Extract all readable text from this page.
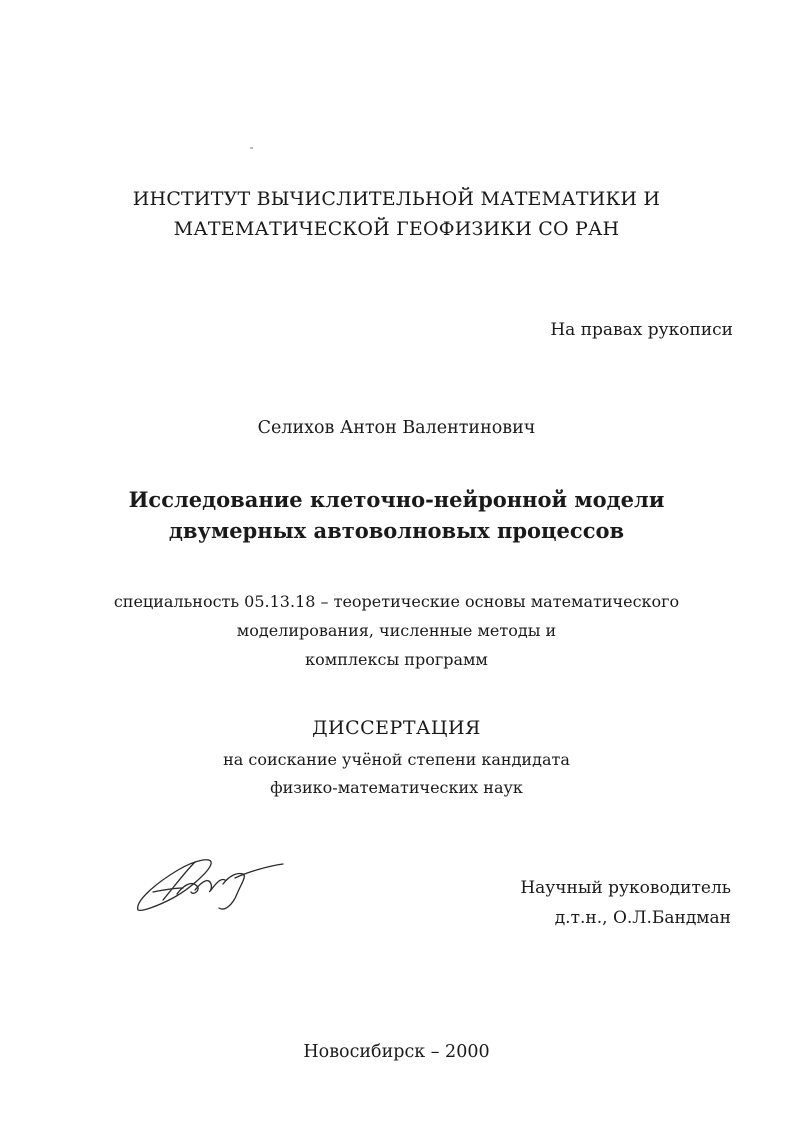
ИНСТИТУТ ВЫЧИСЛИТЕЛЬНОЙ МАТЕМАТИКИ И
МАТЕМАТИЧЕСКОЙ ГЕОФИЗИКИ СО РАН
На правах рукописи
Селихов Антон Валентинович
Исследование клеточно-нейронной модели
двумерных автоволновых процессов
специальность 05.13.18 – теоретические основы математического
моделирования, численные методы и
комплексы программ
ДИССЕРТАЦИЯ
на соискание учёной степени кандидата
физико-математических наук
Научный руководитель
д.т.н., О.Л.Бандман
Новосибирск – 2000
